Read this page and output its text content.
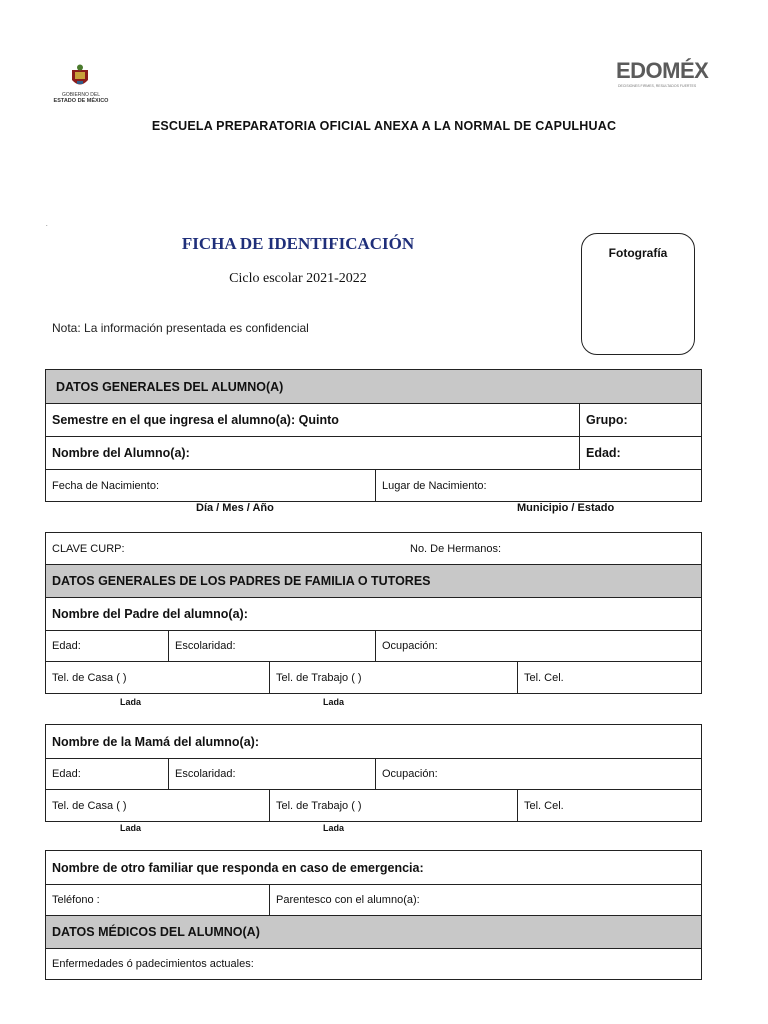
GOBIERNO DEL
ESTADO DE MÉXICO
EDOMÉX
DECISIONES FIRMES, RESULTADOS FUERTES
ESCUELA PREPARATORIA OFICIAL ANEXA A LA NORMAL DE CAPULHUAC
.
FICHA DE IDENTIFICACIÓN
Ciclo escolar 2021-2022
Nota: La información presentada es confidencial
Fotografía
DATOS GENERALES DEL ALUMNO(A)
Semestre en el que ingresa el alumno(a): Quinto	Grupo:
Nombre del Alumno(a):	Edad:
Fecha de Nacimiento:	Lugar de Nacimiento:
Día / Mes / Año	Municipio / Estado
CLAVE CURP:	No. De Hermanos:
DATOS GENERALES DE LOS PADRES DE FAMILIA O TUTORES
Nombre del Padre del alumno(a):
Edad:	Escolaridad:	Ocupación:
Tel. de Casa ( )	Tel. de Trabajo ( )	Tel. Cel.
Lada	Lada
Nombre de la Mamá del alumno(a):
Edad:	Escolaridad:	Ocupación:
Tel. de Casa ( )	Tel. de Trabajo ( )	Tel. Cel.
Lada	Lada
Nombre de otro familiar que responda en caso de emergencia:
Teléfono :	Parentesco con el alumno(a):
DATOS MÉDICOS DEL ALUMNO(A)
Enfermedades ó padecimientos actuales:
